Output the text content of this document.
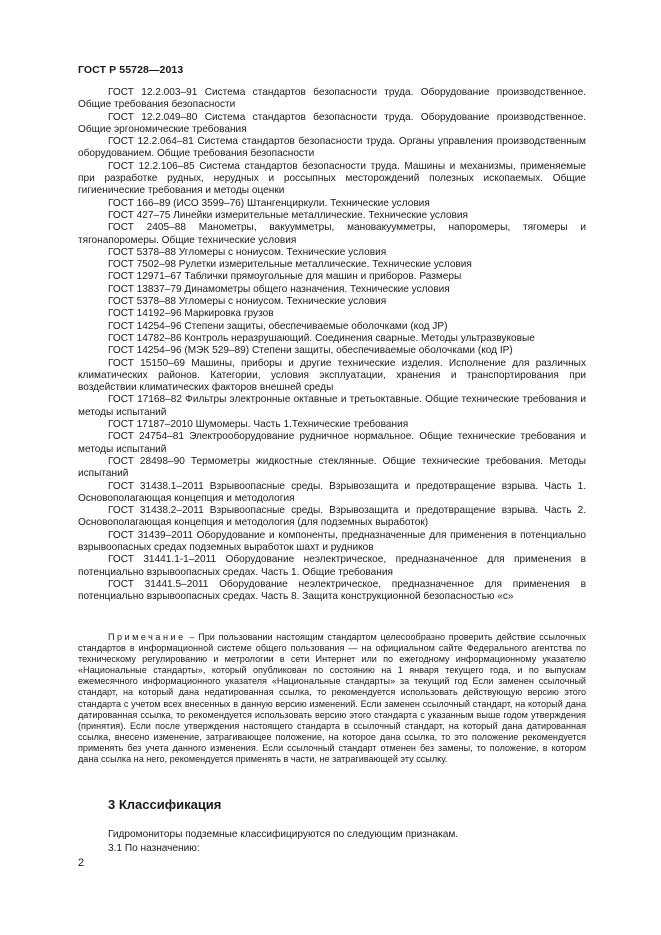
ГОСТ Р 55728—2013

ГОСТ 12.2.003–91 Система стандартов безопасности труда. Оборудование производственное. Общие требования безопасности

ГОСТ 12.2.049–80 Система стандартов безопасности труда. Оборудование производственное. Общие эргономические требования

ГОСТ 12.2.064–81 Система стандартов безопасности труда. Органы управления производственным оборудованием. Общие требования безопасности

ГОСТ 12.2.106–85 Система стандартов безопасности труда. Машины и механизмы, применяемые при разработке рудных, нерудных и россыпных месторождений полезных ископаемых. Общие гигиенические требования и методы оценки

ГОСТ 166–89 (ИСО 3599–76) Штангенциркули. Технические условия

ГОСТ 427–75 Линейки измерительные металлические. Технические условия

ГОСТ 2405–88 Манометры, вакуумметры, мановакуумметры, напоромеры, тягомеры и тягонапоромеры. Общие технические условия

ГОСТ 5378–88 Угломеры с нониусом. Технические условия

ГОСТ 7502–98 Рулетки измерительные металлические. Технические условия

ГОСТ 12971–67 Таблички прямоугольные для машин и приборов. Размеры

ГОСТ 13837–79 Динамометры общего назначения. Технические условия

ГОСТ 5378–88 Угломеры с нониусом. Технические условия

ГОСТ 14192–96 Маркировка грузов

ГОСТ 14254–96 Степени защиты, обеспечиваемые оболочками (код JP)

ГОСТ 14782–86 Контроль неразрушающий. Соединения сварные. Методы ультразвуковые

ГОСТ 14254–96 (МЭК 529–89) Степени защиты, обеспечиваемые оболочками (код IP)

ГОСТ 15150–69 Машины, приборы и другие технические изделия. Исполнение для различных климатических районов. Категории, условия эксплуатации, хранения и транспортирования при воздействии климатических факторов внешней среды

ГОСТ 17168–82 Фильтры электронные октавные и третьоктавные. Общие технические требования и методы испытаний

ГОСТ 17187–2010 Шумомеры. Часть 1.Технические требования

ГОСТ 24754–81 Электрооборудование рудничное нормальное. Общие технические требования и методы испытаний

ГОСТ 28498–90 Термометры жидкостные стеклянные. Общие технические требования. Методы испытаний

ГОСТ 31438.1–2011 Взрывоопасные среды. Взрывозащита и предотвращение взрыва. Часть 1. Основополагающая концепция и методология

ГОСТ 31438.2–2011 Взрывоопасные среды. Взрывозащита и предотвращение взрыва. Часть 2. Основополагающая концепция и методология (для подземных выработок)

ГОСТ 31439–2011 Оборудование и компоненты, предназначенные для применения в потенциально взрывоопасных средах подземных выработок шахт и рудников

ГОСТ 31441.1-1–2011 Оборудование неэлектрическое, предназначенное для применения в потенциально взрывоопасных средах. Часть 1. Общие требования

ГОСТ 31441.5–2011 Оборудование неэлектрическое, предназначенное для применения в потенциально взрывоопасных средах. Часть 8. Защита конструкционной безопасностью «с»

Примечание – При пользовании настоящим стандартом целесообразно проверить действие ссылочных стандартов в информационной системе общего пользования — на официальном сайте Федерального агентства по техническому регулированию и метрологии в сети Интернет или по ежегодному информационному указателю «Национальные стандарты», который опубликован по состоянию на 1 января текущего года, и по выпускам ежемесячного информационного указателя «Национальные стандарты» за текущий год Если заменен ссылочный стандарт, на который дана недатированная ссылка, то рекомендуется использовать действующую версию этого стандарта с учетом всех внесенных в данную версию изменений. Если заменен ссылочный стандарт, на который дана датированная ссылка, то рекомендуется использовать версию этого стандарта с указанным выше годом утверждения (принятия). Если после утверждения настоящего стандарта в ссылочный стандарт, на который дана датированная ссылка, внесено изменение, затрагивающее положение, на которое дана ссылка, то это положение рекомендуется применять без учета данного изменения. Если ссылочный стандарт отменен без замены, то положение, в котором дана ссылка на него, рекомендуется применять в части, не затрагивающей эту ссылку.
3 Классификация
Гидромониторы подземные классифицируются по следующим признакам.
3.1 По назначению:
2
